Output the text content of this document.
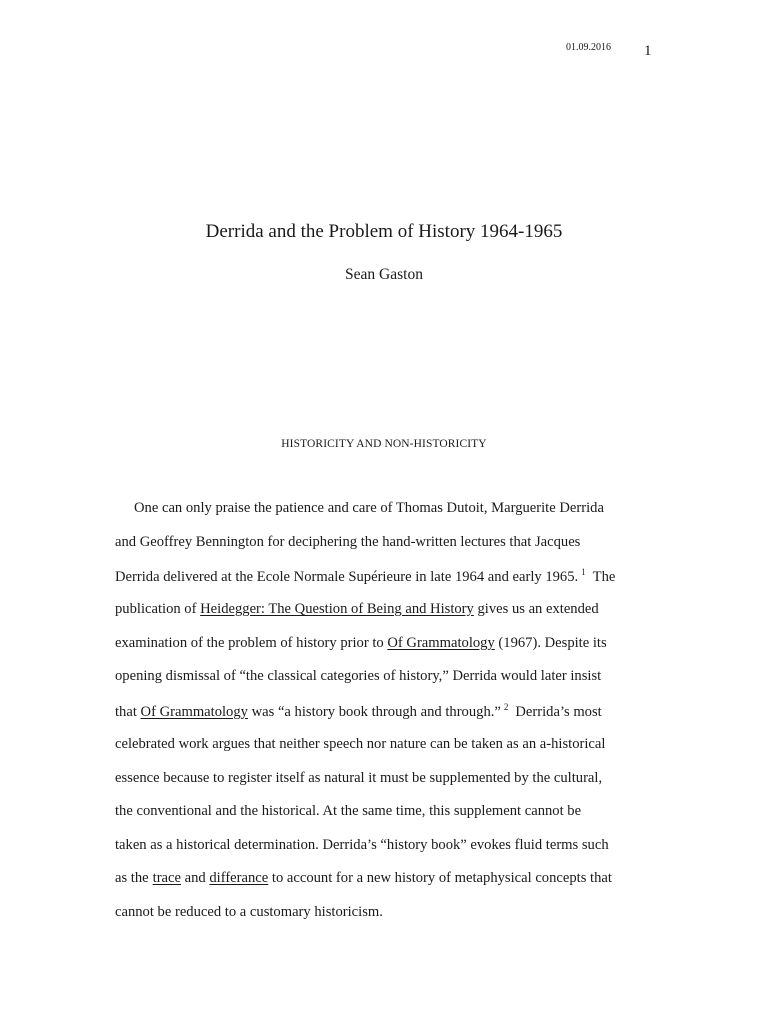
01.09.2016 1
Derrida and the Problem of History 1964-1965
Sean Gaston
HISTORICITY AND NON-HISTORICITY
One can only praise the patience and care of Thomas Dutoit, Marguerite Derrida
and Geoffrey Bennington for deciphering the hand-written lectures that Jacques
Derrida delivered at the Ecole Normale Supérieure in late 1964 and early 1965. $^1$ The
publication of Heidegger: The Question of Being and History gives us an extended
examination of the problem of history prior to Of Grammatology (1967). Despite its
opening dismissal of “the classical categories of history,” Derrida would later insist
that Of Grammatology was “a history book through and through.” $^2$ Derrida’s most
celebrated work argues that neither speech nor nature can be taken as an a-historical
essence because to register itself as natural it must be supplemented by the cultural,
the conventional and the historical. At the same time, this supplement cannot be
taken as a historical determination. Derrida’s “history book” evokes fluid terms such
as the trace and differance to account for a new history of metaphysical concepts that
cannot be reduced to a customary historicism.
